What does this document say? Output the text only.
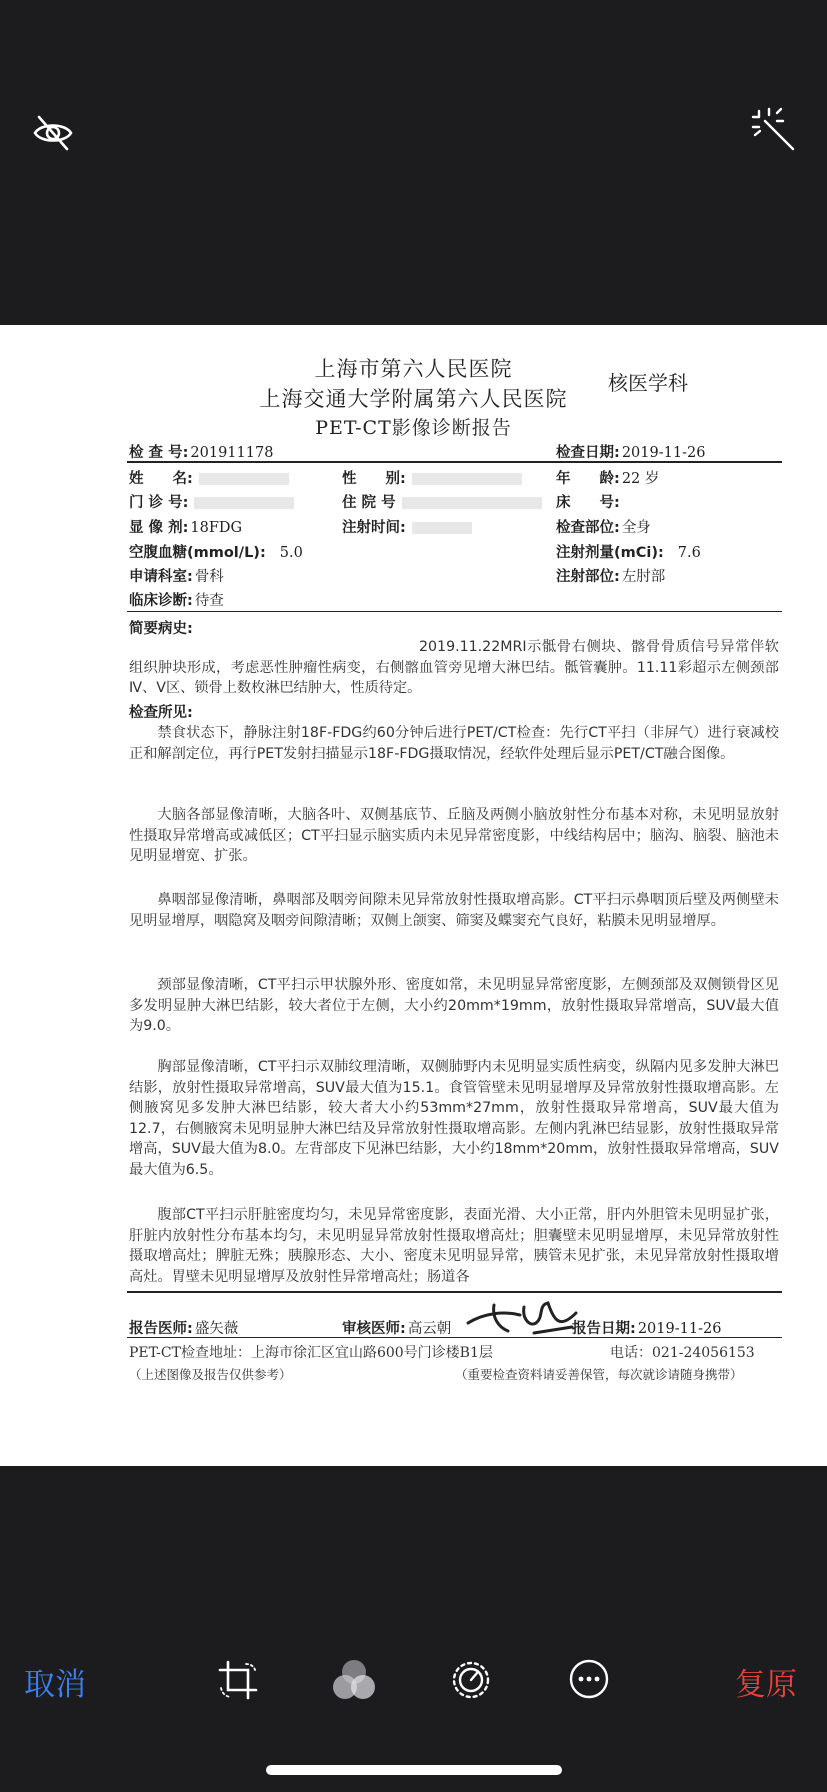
上海市第六人民医院
上海交通大学附属第六人民医院
核医学科
PET-CT影像诊断报告
检 查 号: 201911178	检查日期: 2019-11-26
姓　　名:	性　　别:	年　　龄: 22 岁
门 诊 号:	住 院 号	床　　号:
显 像 剂: 18FDG	注射时间:	检查部位: 全身
空腹血糖(mmol/L): 5.0	注射剂量(mCi): 7.6
申请科室: 骨科	注射部位: 左肘部
临床诊断: 待查
简要病史:

2019.11.22MRI示骶骨右侧块、髂骨骨质信号异常伴软组织肿块形成，考虑恶性肿瘤性病变，右侧髂血管旁见增大淋巴结。骶管囊肿。11.11彩超示左侧颈部Ⅳ、Ⅴ区、锁骨上数枚淋巴结肿大，性质待定。

检查所见:

禁食状态下，静脉注射18F-FDG约60分钟后进行PET/CT检查：先行CT平扫（非屏气）进行衰减校正和解剖定位，再行PET发射扫描显示18F-FDG摄取情况，经软件处理后显示PET/CT融合图像。

大脑各部显像清晰，大脑各叶、双侧基底节、丘脑及两侧小脑放射性分布基本对称，未见明显放射性摄取异常增高或减低区；CT平扫显示脑实质内未见异常密度影，中线结构居中；脑沟、脑裂、脑池未见明显增宽、扩张。

鼻咽部显像清晰，鼻咽部及咽旁间隙未见异常放射性摄取增高影。CT平扫示鼻咽顶后壁及两侧壁未见明显增厚，咽隐窝及咽旁间隙清晰；双侧上颌窦、筛窦及蝶窦充气良好，粘膜未见明显增厚。

颈部显像清晰，CT平扫示甲状腺外形、密度如常，未见明显异常密度影，左侧颈部及双侧锁骨区见多发明显肿大淋巴结影，较大者位于左侧，大小约20mm*19mm，放射性摄取异常增高，SUV最大值为9.0。

胸部显像清晰，CT平扫示双肺纹理清晰，双侧肺野内未见明显实质性病变，纵隔内见多发肿大淋巴结影，放射性摄取异常增高，SUV最大值为15.1。食管管壁未见明显增厚及异常放射性摄取增高影。左侧腋窝见多发肿大淋巴结影，较大者大小约53mm*27mm，放射性摄取异常增高，SUV最大值为12.7，右侧腋窝未见明显肿大淋巴结及异常放射性摄取增高影。左侧内乳淋巴结显影，放射性摄取异常增高，SUV最大值为8.0。左背部皮下见淋巴结影，大小约18mm*20mm，放射性摄取异常增高，SUV最大值为6.5。

腹部CT平扫示肝脏密度均匀，未见异常密度影，表面光滑、大小正常，肝内外胆管未见明显扩张，肝脏内放射性分布基本均匀，未见明显异常放射性摄取增高灶；胆囊壁未见明显增厚，未见异常放射性摄取增高灶；脾脏无殊；胰腺形态、大小、密度未见明显异常，胰管未见扩张，未见异常放射性摄取增高灶。胃壁未见明显增厚及放射性异常增高灶；肠道各

报告医师: 盛矢薇	审核医师: 高云朝	报告日期: 2019-11-26
PET-CT检查地址：上海市徐汇区宜山路600号门诊楼B1层	电话：021-24056153
（上述图像及报告仅供参考）	（重要检查资料请妥善保管，每次就诊请随身携带）
取消	复原
